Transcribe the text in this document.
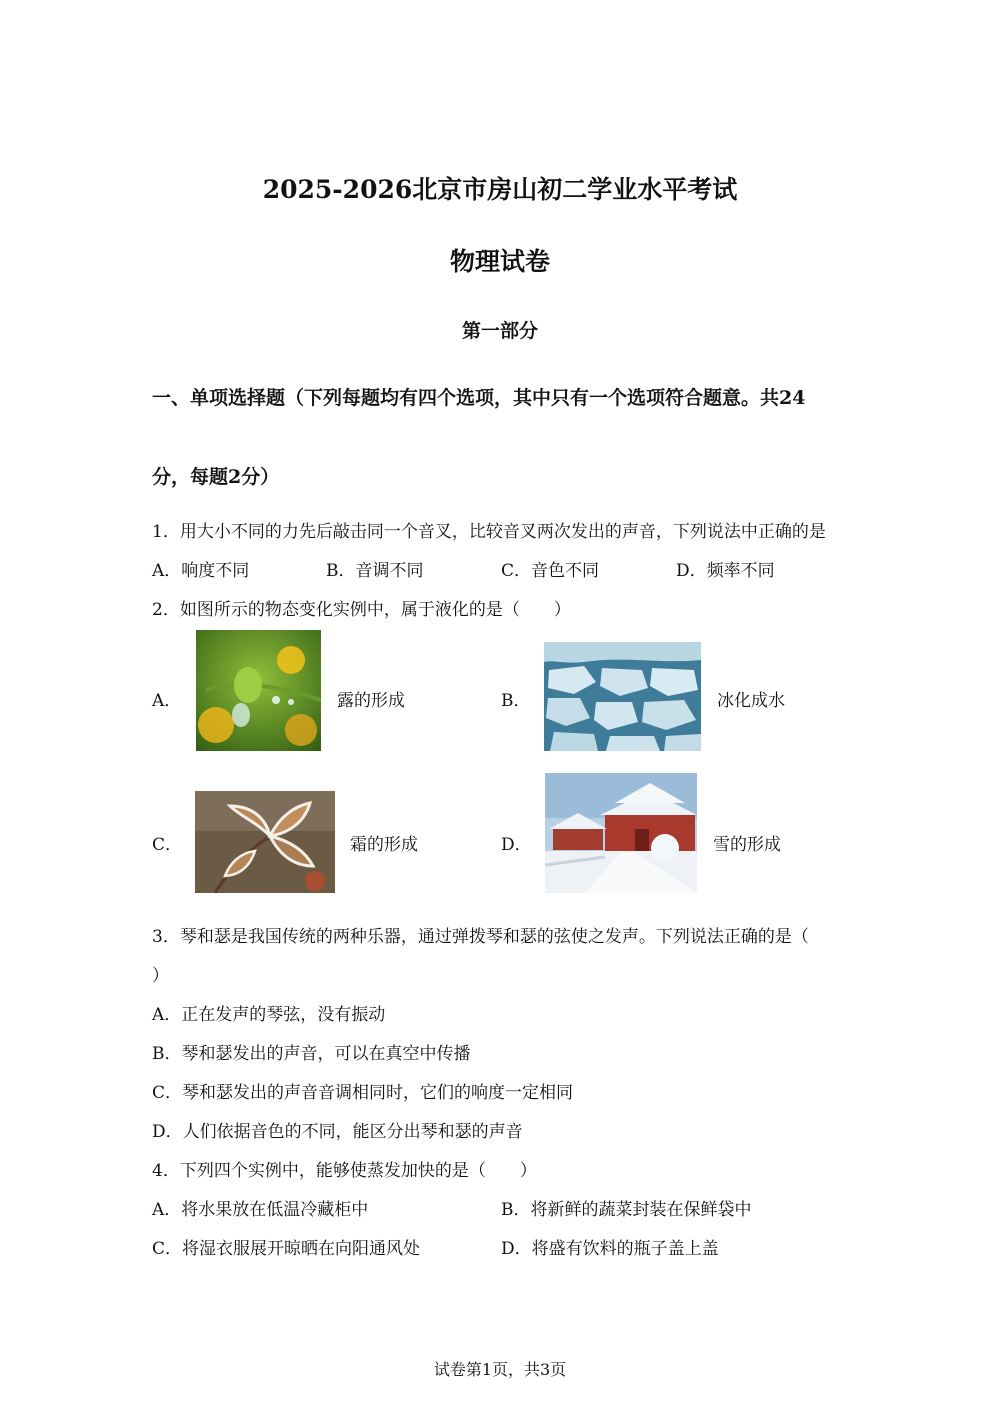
2025-2026北京市房山初二学业水平考试
物理试卷
第一部分
一、单项选择题（下列每题均有四个选项，其中只有一个选项符合题意。共24
分，每题2分）
1．用大小不同的力先后敲击同一个音叉，比较音叉两次发出的声音，下列说法中正确的是
A．响度不同	B．音调不同	C．音色不同	D．频率不同
2．如图所示的物态变化实例中，属于液化的是（　　）
A．	露的形成	B．	冰化成水
C．	霜的形成	D．	雪的形成
3．琴和瑟是我国传统的两种乐器，通过弹拨琴和瑟的弦使之发声。下列说法正确的是（
）
A．正在发声的琴弦，没有振动
B．琴和瑟发出的声音，可以在真空中传播
C．琴和瑟发出的声音音调相同时，它们的响度一定相同
D．人们依据音色的不同，能区分出琴和瑟的声音
4．下列四个实例中，能够使蒸发加快的是（　　）
A．将水果放在低温冷藏柜中	B．将新鲜的蔬菜封装在保鲜袋中
C．将湿衣服展开晾晒在向阳通风处	D．将盛有饮料的瓶子盖上盖
试卷第1页，共3页
